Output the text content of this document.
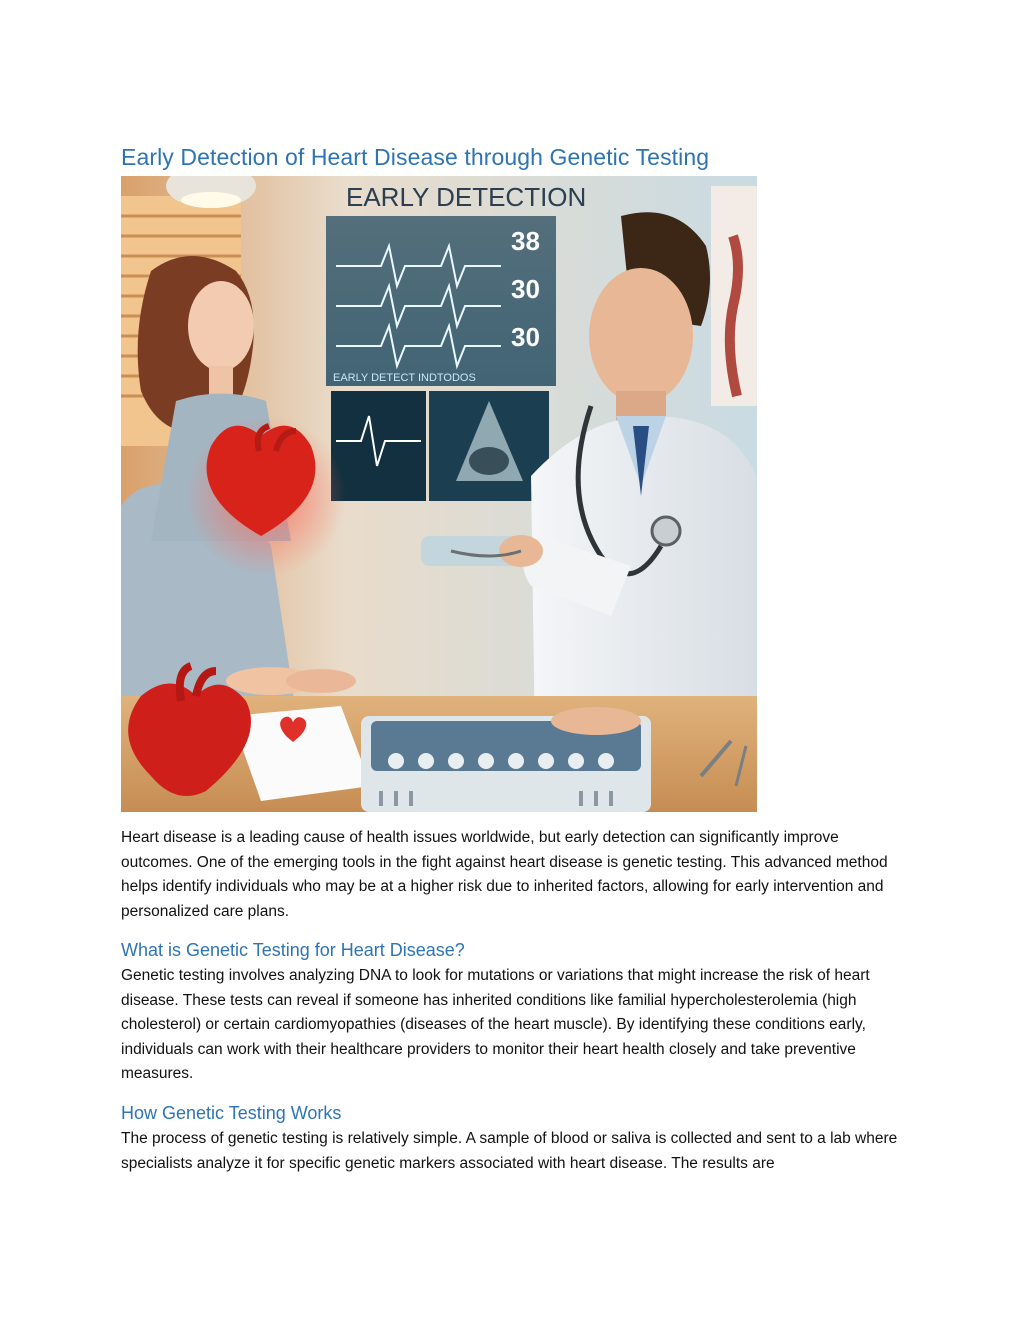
Early Detection of Heart Disease through Genetic Testing
EARLY DETECTION
38
30
30
EARLY DETECT INDTODOS

Heart disease is a leading cause of health issues worldwide, but early detection can significantly improve outcomes. One of the emerging tools in the fight against heart disease is genetic testing. This advanced method helps identify individuals who may be at a higher risk due to inherited factors, allowing for early intervention and personalized care plans.

What is Genetic Testing for Heart Disease?

Genetic testing involves analyzing DNA to look for mutations or variations that might increase the risk of heart disease. These tests can reveal if someone has inherited conditions like familial hypercholesterolemia (high cholesterol) or certain cardiomyopathies (diseases of the heart muscle). By identifying these conditions early, individuals can work with their healthcare providers to monitor their heart health closely and take preventive measures.

How Genetic Testing Works

The process of genetic testing is relatively simple. A sample of blood or saliva is collected and sent to a lab where specialists analyze it for specific genetic markers associated with heart disease. The results are
